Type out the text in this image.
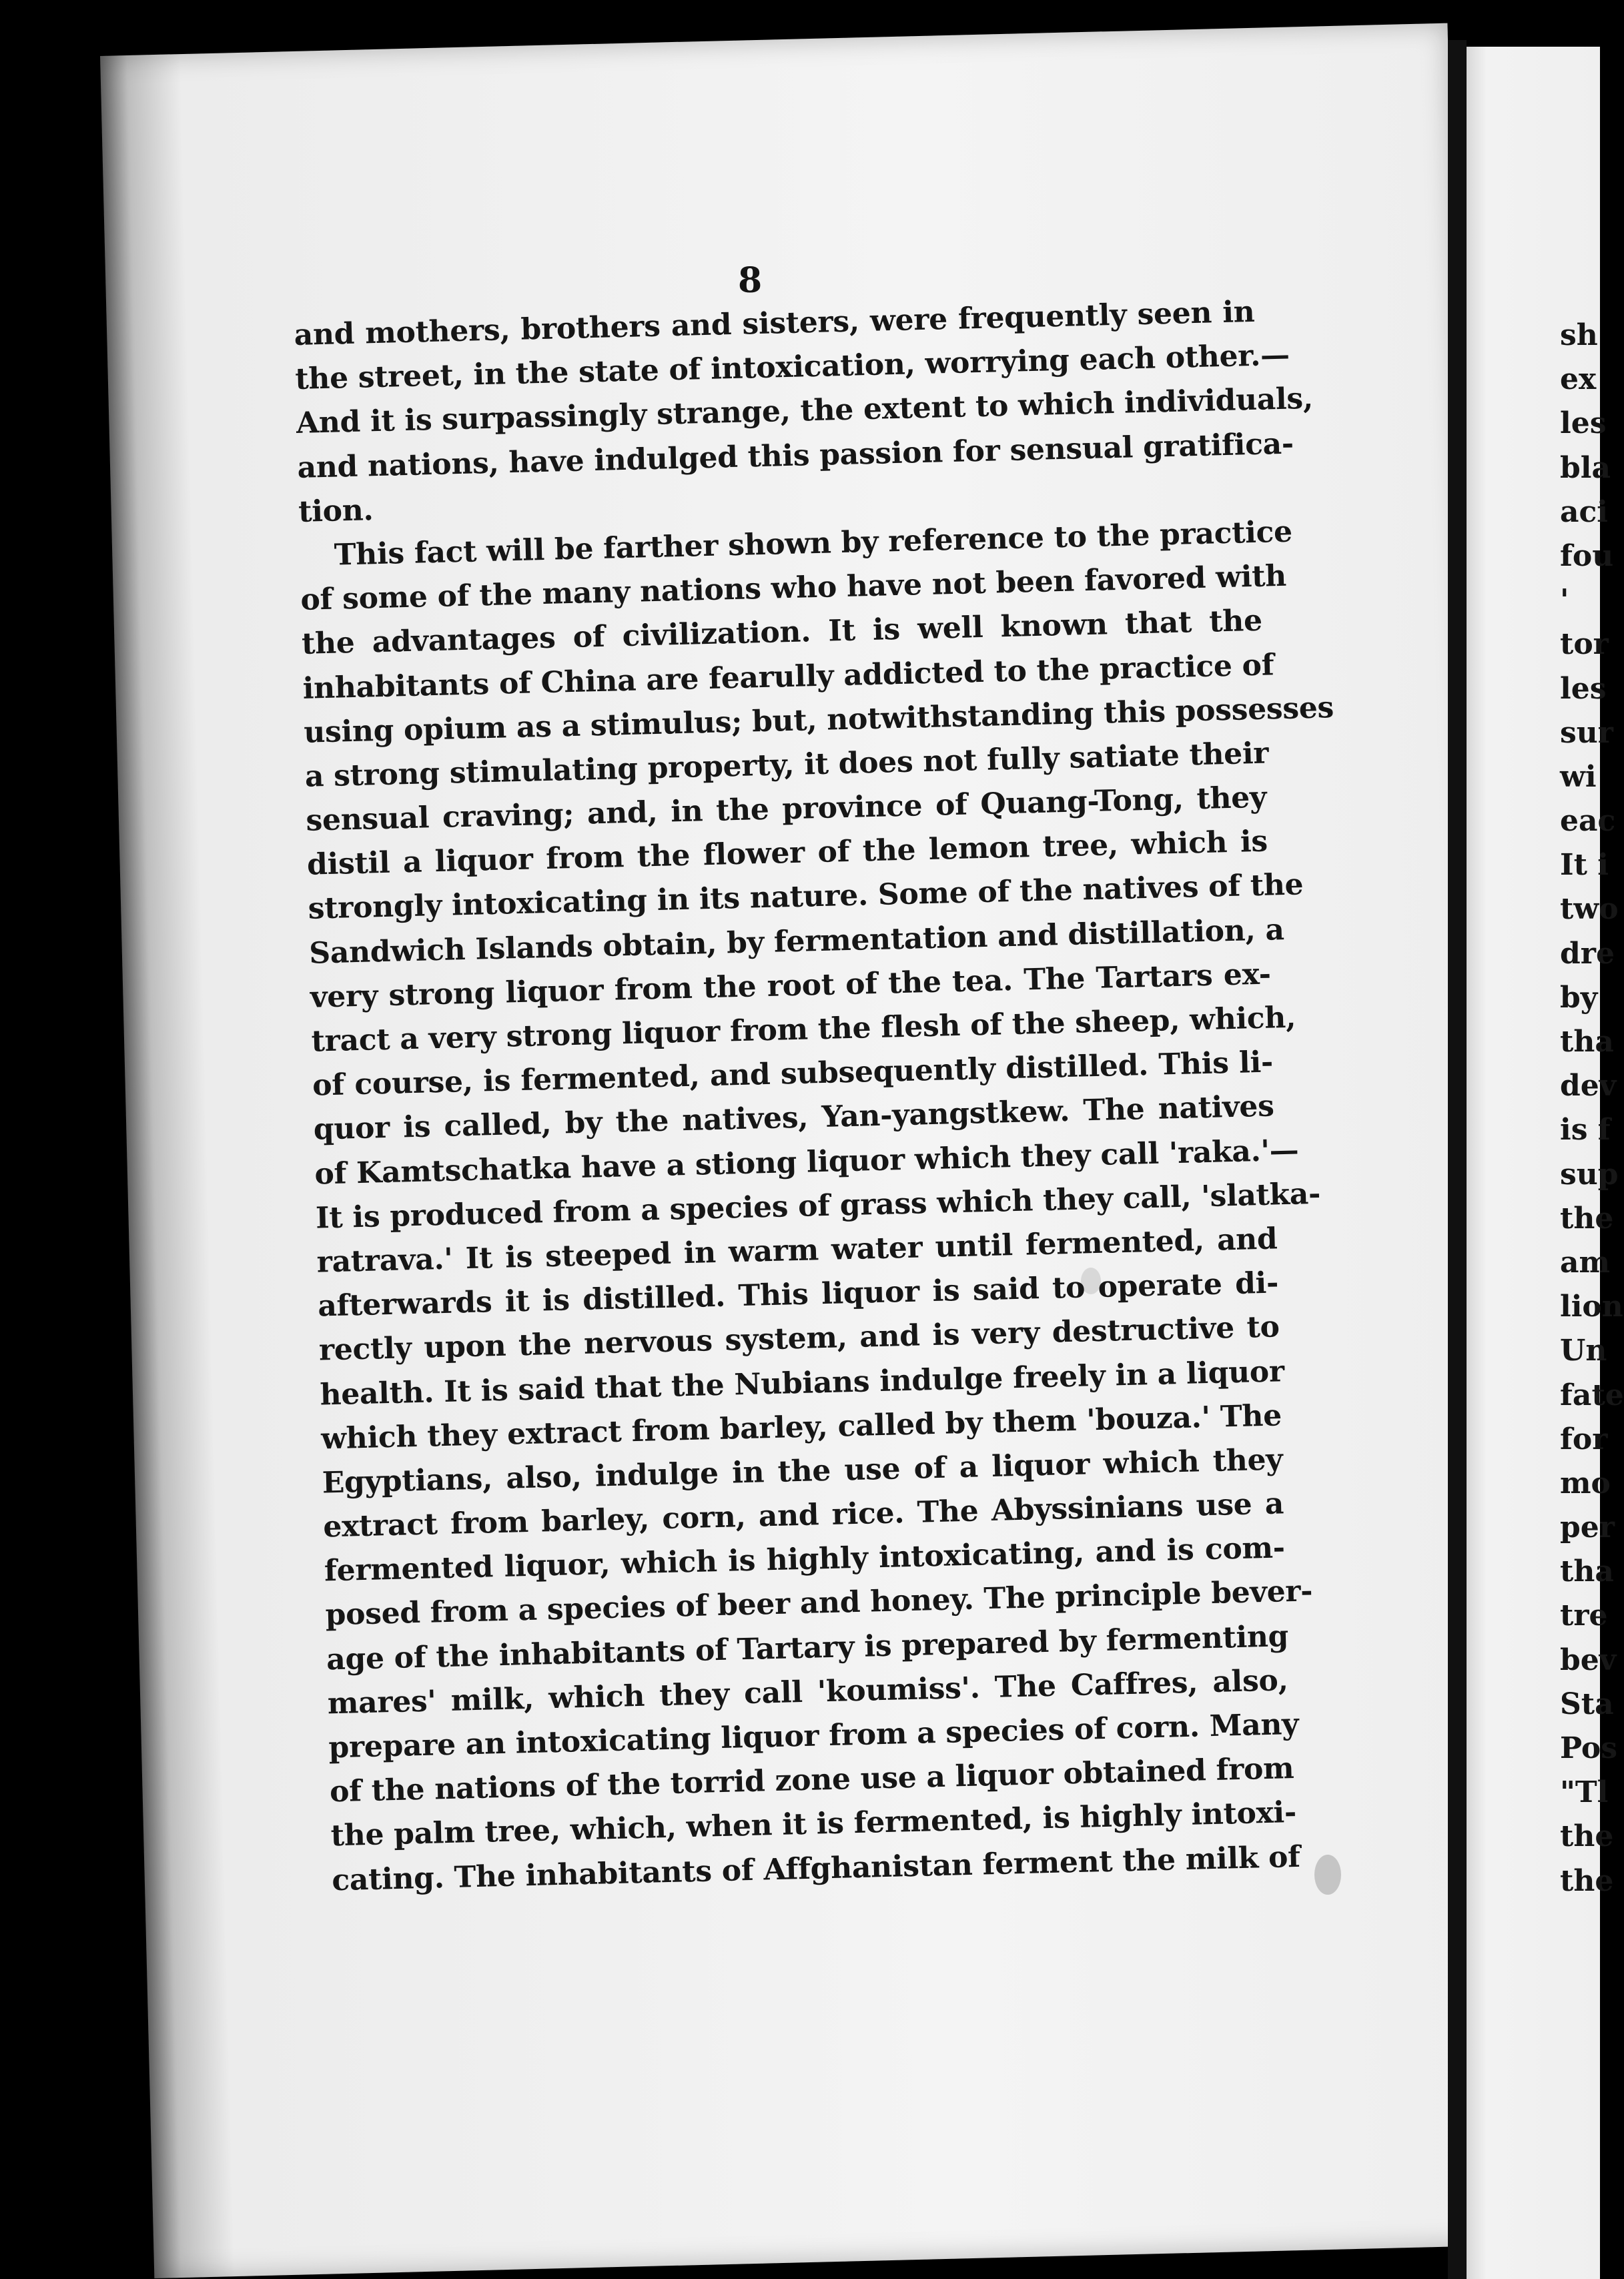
8

and mothers, brothers and sisters, were frequently seen in
the street, in the state of intoxication, worrying each other.—
And it is surpassingly strange, the extent to which individuals,
and nations, have indulged this passion for sensual gratifica-
tion.
This fact will be farther shown by reference to the practice
of some of the many nations who have not been favored with
the advantages of civilization. It is well known that the
inhabitants of China are fearully addicted to the practice of
using opium as a stimulus; but, notwithstanding this possesses
a strong stimulating property, it does not fully satiate their
sensual craving; and, in the province of Quang-Tong, they
distil a liquor from the flower of the lemon tree, which is
strongly intoxicating in its nature. Some of the natives of the
Sandwich Islands obtain, by fermentation and distillation, a
very strong liquor from the root of the tea. The Tartars ex-
tract a very strong liquor from the flesh of the sheep, which,
of course, is fermented, and subsequently distilled. This li-
quor is called, by the natives, Yan-yangstkew. The natives
of Kamtschatka have a stiong liquor which they call 'raka.'—
It is produced from a species of grass which they call, 'slatka-
ratrava.' It is steeped in warm water until fermented, and
afterwards it is distilled. This liquor is said to operate di-
rectly upon the nervous system, and is very destructive to
health. It is said that the Nubians indulge freely in a liquor
which they extract from barley, called by them 'bouza.' The
Egyptians, also, indulge in the use of a liquor which they
extract from barley, corn, and rice. The Abyssinians use a
fermented liquor, which is highly intoxicating, and is com-
posed from a species of beer and honey. The principle bever-
age of the inhabitants of Tartary is prepared by fermenting
mares' milk, which they call 'koumiss'. The Caffres, also,
prepare an intoxicating liquor from a species of corn. Many
of the nations of the torrid zone use a liquor obtained from
the palm tree, which, when it is fermented, is highly intoxi-
cating. The inhabitants of Affghanistan ferment the milk of
sh
ex
les
bla
aci
fou
'
tor
les
sur
wi
eac
It i
two
dre
by
tha
dev
is f
sup
the
am
lion
Un
fate
for
mo
per
tha
tre
bev
Sta
Pos
"Tl
the
the
